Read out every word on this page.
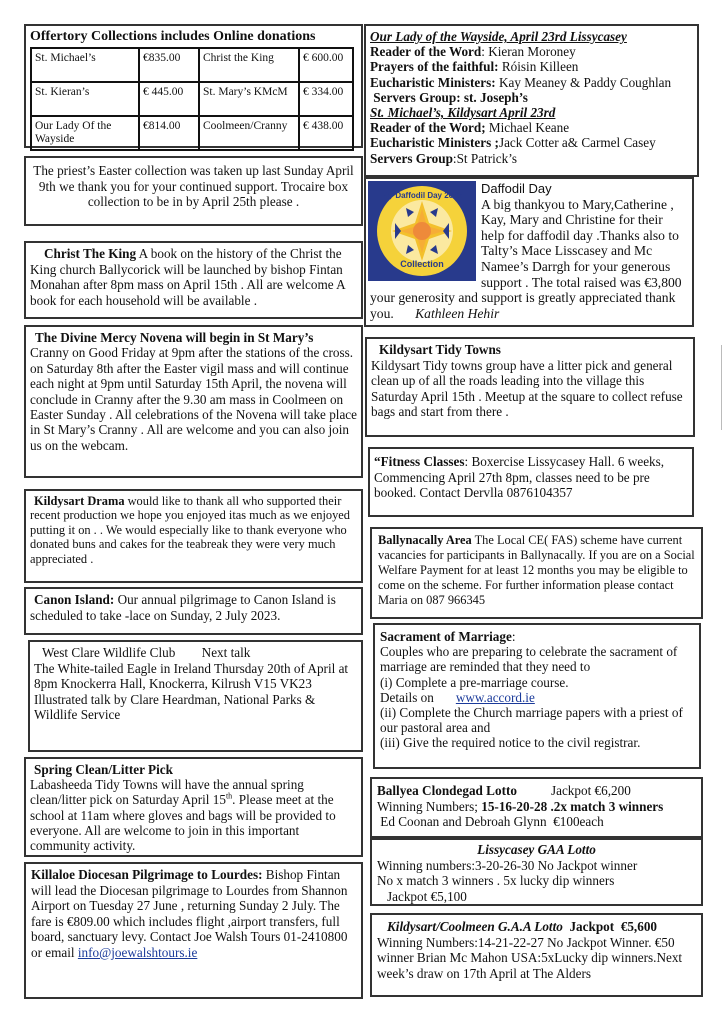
Offertory Collections includes Online donations
St. Michael’s	€835.00	Christ the King	€ 600.00
St. Kieran’s	€ 445.00	St. Mary’s KMcM	€ 334.00
Our Lady Of the Wayside	€814.00	Coolmeen/Cranny	€ 438.00
Our Lady of the Wayside, April 23rd Lissycasey
Reader of the Word: Kieran Moroney
Prayers of the faithful: Róisin Killeen
Eucharistic Ministers: Kay Meaney & Paddy Coughlan
Servers Group: st. Joseph’s
St. Michael’s, Kildysart April 23rd
Reader of the Word; Michael Keane
Eucharistic Ministers ;Jack Cotter a& Carmel Casey
Servers Group:St Patrick’s
The priest’s Easter collection was taken up last Sunday April 9th we thank you for your continued support. Trocaire box collection to be in by April 25th please .	My Daffodil Day 2023
Collection
Daffodil Day
A big thankyou to Mary,Catherine , Kay, Mary and Christine for their help for daffodil day .Thanks also to Talty’s Mace Lisscasey and Mc Namee’s Darrgh for your generous support . The total raised was €3,800 your generosity and support is greatly appreciated thank you. Kathleen Hehir
Christ The King A book on the history of the Christ the King church Ballycorick will be launched by bishop Fintan Monahan after 8pm mass on April 15th . All are welcome A book for each household will be available .
The Divine Mercy Novena will begin in St Mary’s
Cranny on Good Friday at 9pm after the stations of the cross. on Saturday 8th after the Easter vigil mass and will continue each night at 9pm until Saturday 15th April, the novena will conclude in Cranny after the 9.30 am mass in Coolmeen on Easter Sunday . All celebrations of the Novena will take place in St Mary’s Cranny . All are welcome and you can also join us on the webcam.
Kildysart Tidy Towns
Kildysart Tidy towns group have a litter pick and general clean up of all the roads leading into the village this Saturday April 15th . Meetup at the square to collect refuse bags and start from there .
“Fitness Classes: Boxercise Lissycasey Hall. 6 weeks, Commencing April 27th 8pm, classes need to be pre booked. Contact Dervlla 0876104357
Kildysart Drama would like to thank all who supported their recent production we hope you enjoyed itas much as we enjoyed putting it on . . We would especially like to thank everyone who donated buns and cakes for the teabreak they were very much appreciated .
Ballynacally Area The Local CE( FAS) scheme have current vacancies for participants in Ballynacally. If you are on a Social Welfare Payment for at least 12 months you may be eligible to come on the scheme. For further information please contact Maria on 087 966345
Canon Island: Our annual pilgrimage to Canon Island is scheduled to take -lace on Sunday, 2 July 2023.
West Clare Wildlife Club        Next talk
The White-tailed Eagle in Ireland Thursday 20th of April at 8pm Knockerra Hall, Knockerra, Kilrush V15 VK23
Illustrated talk by Clare Heardman, National Parks & Wildlife Service
Sacrament of Marriage:
Couples who are preparing to celebrate the sacrament of marriage are reminded that they need to
(i) Complete a pre-marriage course.
Details on www.accord.ie
(ii) Complete the Church marriage papers with a priest of our pastoral area and
(iii) Give the required notice to the civil registrar.
Spring Clean/Litter Pick
Labasheeda Tidy Towns will have the annual spring clean/litter pick on Saturday April 15th. Please meet at the school at 11am where gloves and bags will be provided to everyone. All are welcome to join in this important community activity.
Ballyea Clondegad Lotto	Jackpot €6,200
Winning Numbers; 15-16-20-28 .2x match 3 winners
Ed Coonan and Debroah Glynn  €100each
Lissycasey GAA Lotto
Winning numbers:3-20-26-30 No Jackpot winner
No x match 3 winners . 5x lucky dip winners
Jackpot €5,100
Killaloe Diocesan Pilgrimage to Lourdes: Bishop Fintan will lead the Diocesan pilgrimage to Lourdes from Shannon Airport on Tuesday 27 June , returning Sunday 2 July. The fare is €809.00 which includes flight ,airport transfers, full board, sanctuary levy. Contact Joe Walsh Tours 01-2410800 or email info@joewalshtours.ie
Kildysart/Coolmeen G.A.A Lotto  Jackpot  €5,600
Winning Numbers:14-21-22-27 No Jackpot Winner. €50 winner Brian Mc Mahon USA:5xLucky dip winners.Next week’s draw on 17th April at The Alders
